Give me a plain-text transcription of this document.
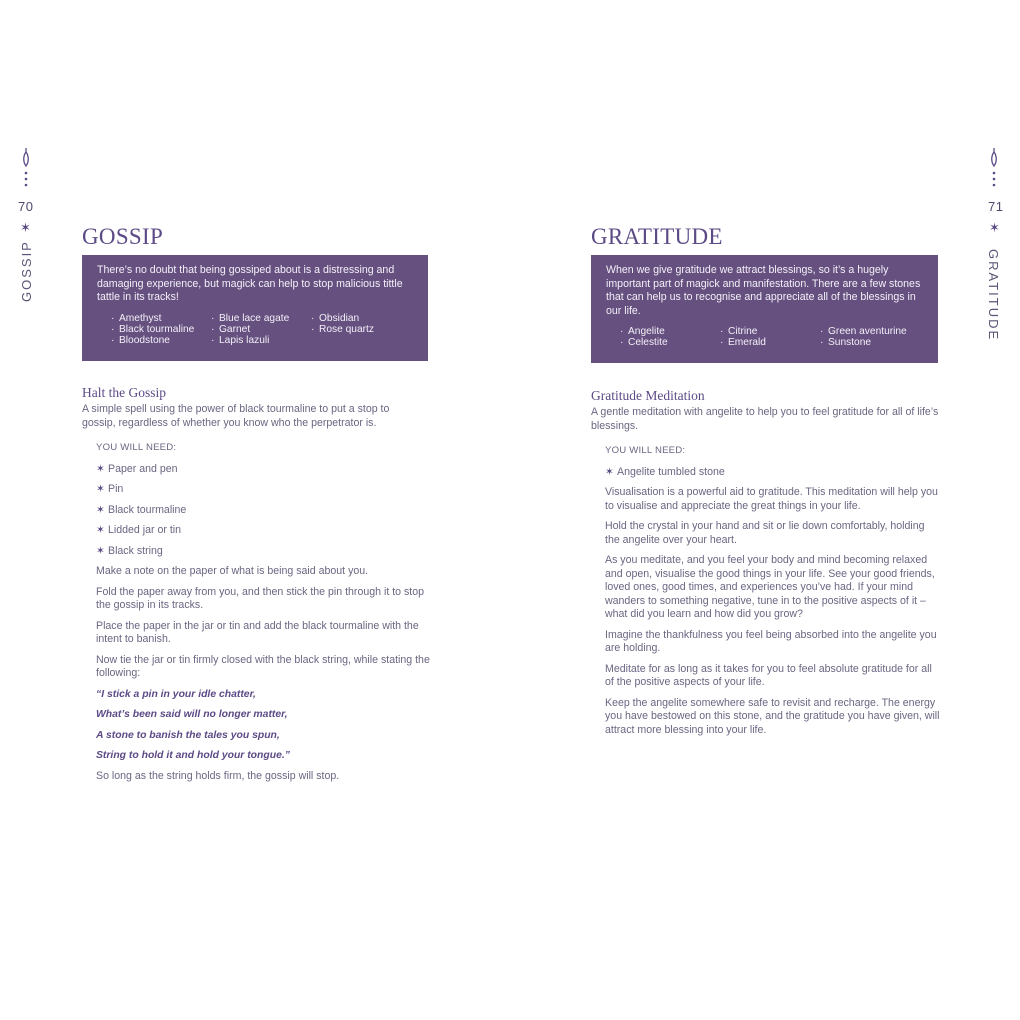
70
✶
GOSSIP
GOSSIP
There’s no doubt that being gossiped about is a distressing and damaging experience, but magick can help to stop malicious tittle tattle in its tracks!
· Amethyst
· Black tourmaline
· Bloodstone
· Blue lace agate
· Garnet
· Lapis lazuli
· Obsidian
· Rose quartz
Halt the Gossip
A simple spell using the power of black tourmaline to put a stop to gossip, regardless of whether you know who the perpetrator is.
YOU WILL NEED:
✶ Paper and pen
✶ Pin
✶ Black tourmaline
✶ Lidded jar or tin
✶ Black string
Make a note on the paper of what is being said about you.
Fold the paper away from you, and then stick the pin through it to stop the gossip in its tracks.
Place the paper in the jar or tin and add the black tourmaline with the intent to banish.
Now tie the jar or tin firmly closed with the black string, while stating the following:
“I stick a pin in your idle chatter,
What’s been said will no longer matter,
A stone to banish the tales you spun,
String to hold it and hold your tongue.”
So long as the string holds firm, the gossip will stop.
71
✶
GRATITUDE
GRATITUDE
When we give gratitude we attract blessings, so it’s a hugely important part of magick and manifestation. There are a few stones that can help us to recognise and appreciate all of the blessings in our life.
· Angelite
· Celestite
· Citrine
· Emerald
· Green aventurine
· Sunstone
Gratitude Meditation
A gentle meditation with angelite to help you to feel gratitude for all of life’s blessings.
YOU WILL NEED:
✶ Angelite tumbled stone
Visualisation is a powerful aid to gratitude. This meditation will help you to visualise and appreciate the great things in your life.
Hold the crystal in your hand and sit or lie down comfortably, holding the angelite over your heart.
As you meditate, and you feel your body and mind becoming relaxed and open, visualise the good things in your life. See your good friends, loved ones, good times, and experiences you’ve had. If your mind wanders to something negative, tune in to the positive aspects of it – what did you learn and how did you grow?
Imagine the thankfulness you feel being absorbed into the angelite you are holding.
Meditate for as long as it takes for you to feel absolute gratitude for all of the positive aspects of your life.
Keep the angelite somewhere safe to revisit and recharge. The energy you have bestowed on this stone, and the gratitude you have given, will attract more blessing into your life.
